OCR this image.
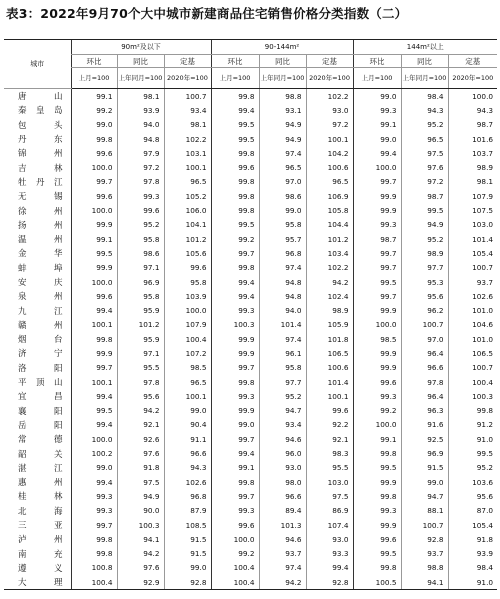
表3：2022年9月70个大中城市新建商品住宅销售价格分类指数（二）
城市	90m²及以下			90-144m²			144m²以上		
	环比	同比	定基	环比	同比	定基	环比	同比	定基
	上月=100	上年同月=100	2020年=100	上月=100	上年同月=100	2020年=100	上月=100	上年同月=100	2020年=100
唐山	99.1	98.1	100.7	99.8	98.8	102.2	99.0	98.4	100.0
秦皇岛	99.2	93.9	93.4	99.4	93.1	93.0	99.3	94.3	94.3
包头	99.0	94.0	98.1	99.5	94.9	97.2	99.1	95.2	98.7
丹东	99.8	94.8	102.2	99.5	94.9	100.1	99.0	96.5	101.6
锦州	99.6	97.9	103.1	99.8	97.4	104.2	99.4	97.5	103.7
吉林	100.0	97.2	100.1	99.6	96.5	100.6	100.0	97.6	98.9
牡丹江	99.7	97.8	96.5	99.8	97.0	96.5	99.7	97.2	98.1
无锡	99.6	99.3	105.2	99.8	98.6	106.9	99.9	98.7	107.9
徐州	100.0	99.6	106.0	99.8	99.0	105.8	99.9	99.5	107.5
扬州	99.9	95.2	104.1	99.5	95.8	104.4	99.3	94.9	103.0
温州	99.1	95.8	101.2	99.2	95.7	101.2	98.7	95.2	101.4
金华	99.5	98.6	105.6	99.7	96.8	103.4	99.7	98.9	105.4
蚌埠	99.9	97.1	99.6	99.8	97.4	102.2	99.7	97.7	100.7
安庆	100.0	96.9	95.8	99.4	94.8	94.2	99.5	95.3	93.7
泉州	99.6	95.8	103.9	99.4	94.8	102.4	99.7	95.6	102.6
九江	99.4	95.9	100.0	99.3	94.0	98.9	99.9	96.2	101.0
赣州	100.1	101.2	107.9	100.3	101.4	105.9	100.0	100.7	104.6
烟台	99.8	95.9	100.4	99.9	97.4	101.8	98.5	97.0	101.0
济宁	99.9	97.1	107.2	99.9	96.1	106.5	99.9	96.4	106.5
洛阳	99.7	95.5	98.5	99.7	95.8	100.6	99.9	96.6	100.7
平顶山	100.1	97.8	96.5	99.8	97.7	101.4	99.6	97.8	100.4
宜昌	99.4	95.6	100.1	99.3	95.2	100.1	99.3	96.4	100.3
襄阳	99.5	94.2	99.0	99.9	94.7	99.6	99.2	96.3	99.8
岳阳	99.4	92.1	90.4	99.0	93.4	92.2	100.0	91.6	91.2
常德	100.0	92.6	91.1	99.7	94.6	92.1	99.1	92.5	91.0
韶关	100.2	97.6	96.6	99.4	96.0	98.3	99.8	96.9	99.5
湛江	99.0	91.8	94.3	99.1	93.0	95.5	99.5	91.5	95.2
惠州	99.4	97.5	102.6	99.8	98.0	103.0	99.9	99.0	103.6
桂林	99.3	94.9	96.8	99.7	96.6	97.5	99.8	94.7	95.6
北海	99.3	90.0	87.9	99.3	89.4	86.9	99.3	88.1	87.0
三亚	99.7	100.3	108.5	99.6	101.3	107.4	99.9	100.7	105.4
泸州	99.8	94.1	91.5	100.0	94.6	93.0	99.6	92.8	91.8
南充	99.8	94.2	91.5	99.2	93.7	93.3	99.5	93.7	93.9
遵义	100.8	97.6	99.0	100.4	97.4	99.4	99.8	98.8	98.4
大理	100.4	92.9	92.8	100.4	94.2	92.8	100.5	94.1	91.0
